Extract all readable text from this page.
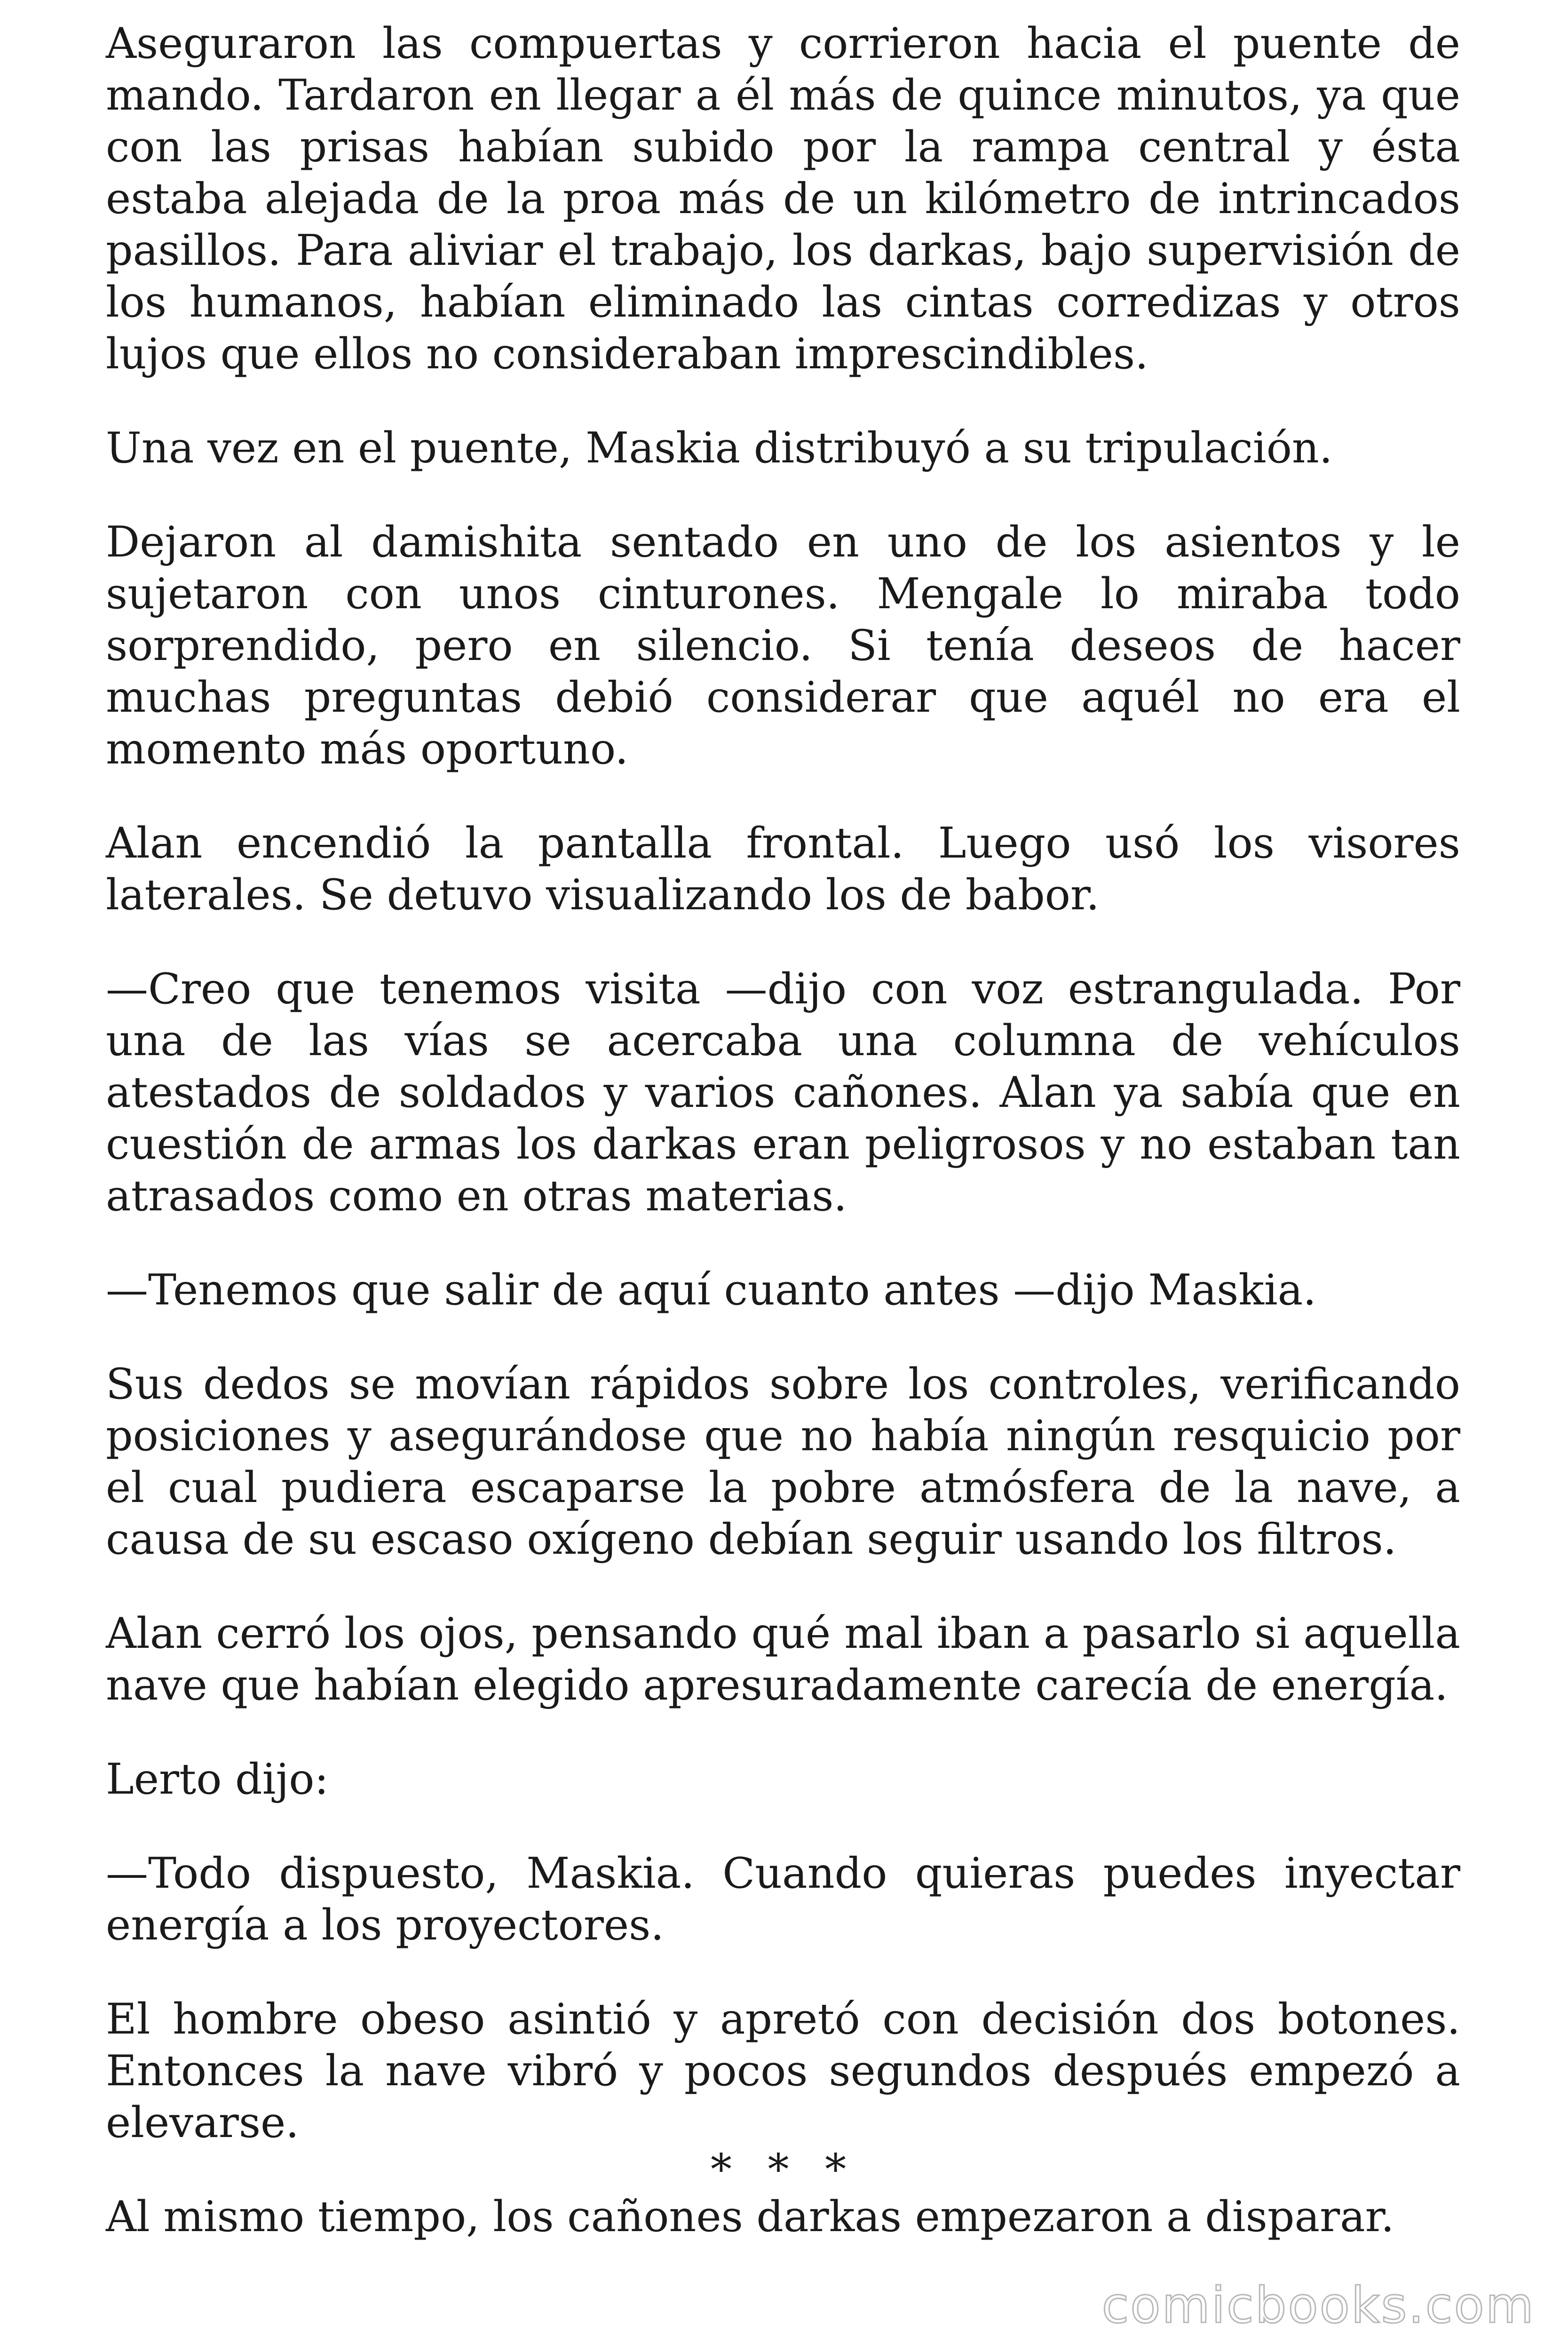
Aseguraron las compuertas y corrieron hacia el puente de mando. Tardaron en llegar a él más de quince minutos, ya que con las prisas habían subido por la rampa central y ésta estaba alejada de la proa más de un kilómetro de intrincados pasillos. Para aliviar el trabajo, los darkas, bajo supervisión de los humanos, habían eliminado las cintas corredizas y otros lujos que ellos no consideraban imprescindibles.

Una vez en el puente, Maskia distribuyó a su tripulación.

Dejaron al damishita sentado en uno de los asientos y le sujetaron con unos cinturones. Mengale lo miraba todo sorprendido, pero en silencio. Si tenía deseos de hacer muchas preguntas debió considerar que aquél no era el momento más oportuno.

Alan encendió la pantalla frontal. Luego usó los visores laterales. Se detuvo visualizando los de babor.

—Creo que tenemos visita —dijo con voz estrangulada. Por una de las vías se acercaba una columna de vehículos atestados de soldados y varios cañones. Alan ya sabía que en cuestión de armas los darkas eran peligrosos y no estaban tan atrasados como en otras materias.

—Tenemos que salir de aquí cuanto antes —dijo Maskia.

Sus dedos se movían rápidos sobre los controles, verificando posiciones y asegurándose que no había ningún resquicio por el cual pudiera escaparse la pobre atmósfera de la nave, a causa de su escaso oxígeno debían seguir usando los filtros.

Alan cerró los ojos, pensando qué mal iban a pasarlo si aquella nave que habían elegido apresuradamente carecía de energía.

Lerto dijo:

—Todo dispuesto, Maskia. Cuando quieras puedes inyectar energía a los proyectores.

El hombre obeso asintió y apretó con decisión dos botones. Entonces la nave vibró y pocos segundos después empezó a elevarse.

Al mismo tiempo, los cañones darkas empezaron a disparar.

* * *
comicbooks.com
